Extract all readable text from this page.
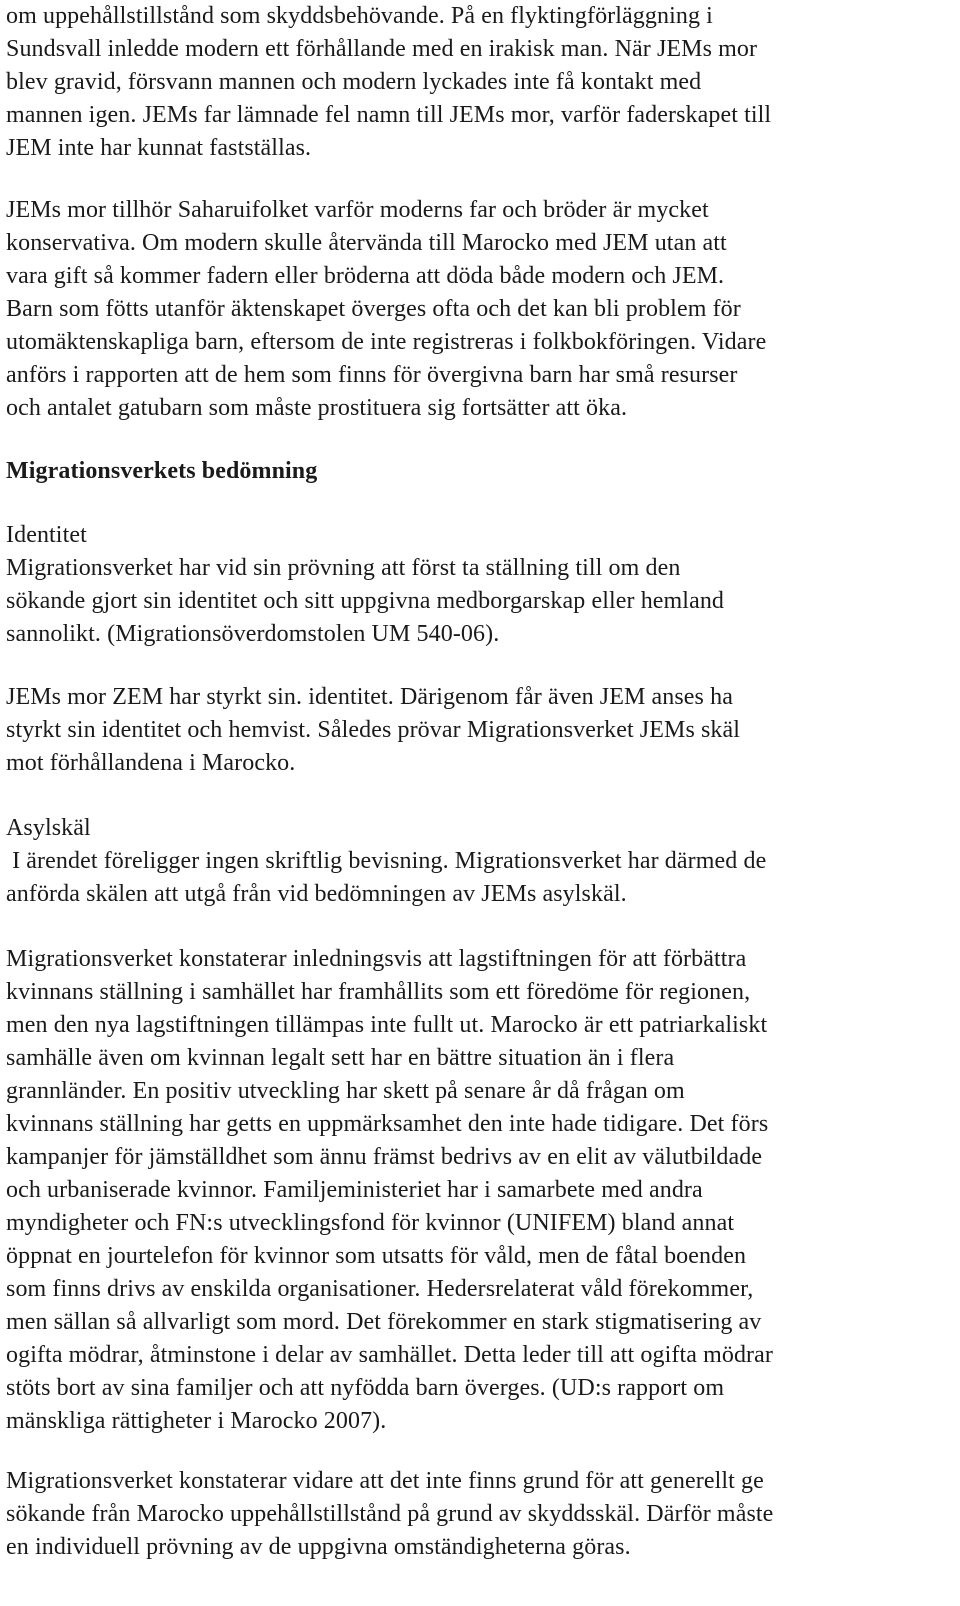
om uppehållstillstånd som skyddsbehövande. På en flyktingförläggning i
Sundsvall inledde modern ett förhållande med en irakisk man. När JEMs mor
blev gravid, försvann mannen och modern lyckades inte få kontakt med
mannen igen. JEMs far lämnade fel namn till JEMs mor, varför faderskapet till
JEM inte har kunnat fastställas.
JEMs mor tillhör Saharuifolket varför moderns far och bröder är mycket
konservativa. Om modern skulle återvända till Marocko med JEM utan att
vara gift så kommer fadern eller bröderna att döda både modern och JEM.
Barn som fötts utanför äktenskapet överges ofta och det kan bli problem för
utomäktenskapliga barn, eftersom de inte registreras i folkbokföringen. Vidare
anförs i rapporten att de hem som finns för övergivna barn har små resurser
och antalet gatubarn som måste prostituera sig fortsätter att öka.
Migrationsverkets bedömning
Identitet
Migrationsverket har vid sin prövning att först ta ställning till om den
sökande gjort sin identitet och sitt uppgivna medborgarskap eller hemland
sannolikt. (Migrationsöverdomstolen UM 540-06).
JEMs mor ZEM har styrkt sin. identitet. Därigenom får även JEM anses ha
styrkt sin identitet och hemvist. Således prövar Migrationsverket JEMs skäl
mot förhållandena i Marocko.
Asylskäl
I ärendet föreligger ingen skriftlig bevisning. Migrationsverket har därmed de
anförda skälen att utgå från vid bedömningen av JEMs asylskäl.
Migrationsverket konstaterar inledningsvis att lagstiftningen för att förbättra
kvinnans ställning i samhället har framhållits som ett föredöme för regionen,
men den nya lagstiftningen tillämpas inte fullt ut. Marocko är ett patriarkaliskt
samhälle även om kvinnan legalt sett har en bättre situation än i flera
grannländer. En positiv utveckling har skett på senare år då frågan om
kvinnans ställning har getts en uppmärksamhet den inte hade tidigare. Det förs
kampanjer för jämställdhet som ännu främst bedrivs av en elit av välutbildade
och urbaniserade kvinnor. Familjeministeriet har i samarbete med andra
myndigheter och FN:s utvecklingsfond för kvinnor (UNIFEM) bland annat
öppnat en jourtelefon för kvinnor som utsatts för våld, men de fåtal boenden
som finns drivs av enskilda organisationer. Hedersrelaterat våld förekommer,
men sällan så allvarligt som mord. Det förekommer en stark stigmatisering av
ogifta mödrar, åtminstone i delar av samhället. Detta leder till att ogifta mödrar
stöts bort av sina familjer och att nyfödda barn överges. (UD:s rapport om
mänskliga rättigheter i Marocko 2007).
Migrationsverket konstaterar vidare att det inte finns grund för att generellt ge
sökande från Marocko uppehållstillstånd på grund av skyddsskäl. Därför måste
en individuell prövning av de uppgivna omständigheterna göras.
